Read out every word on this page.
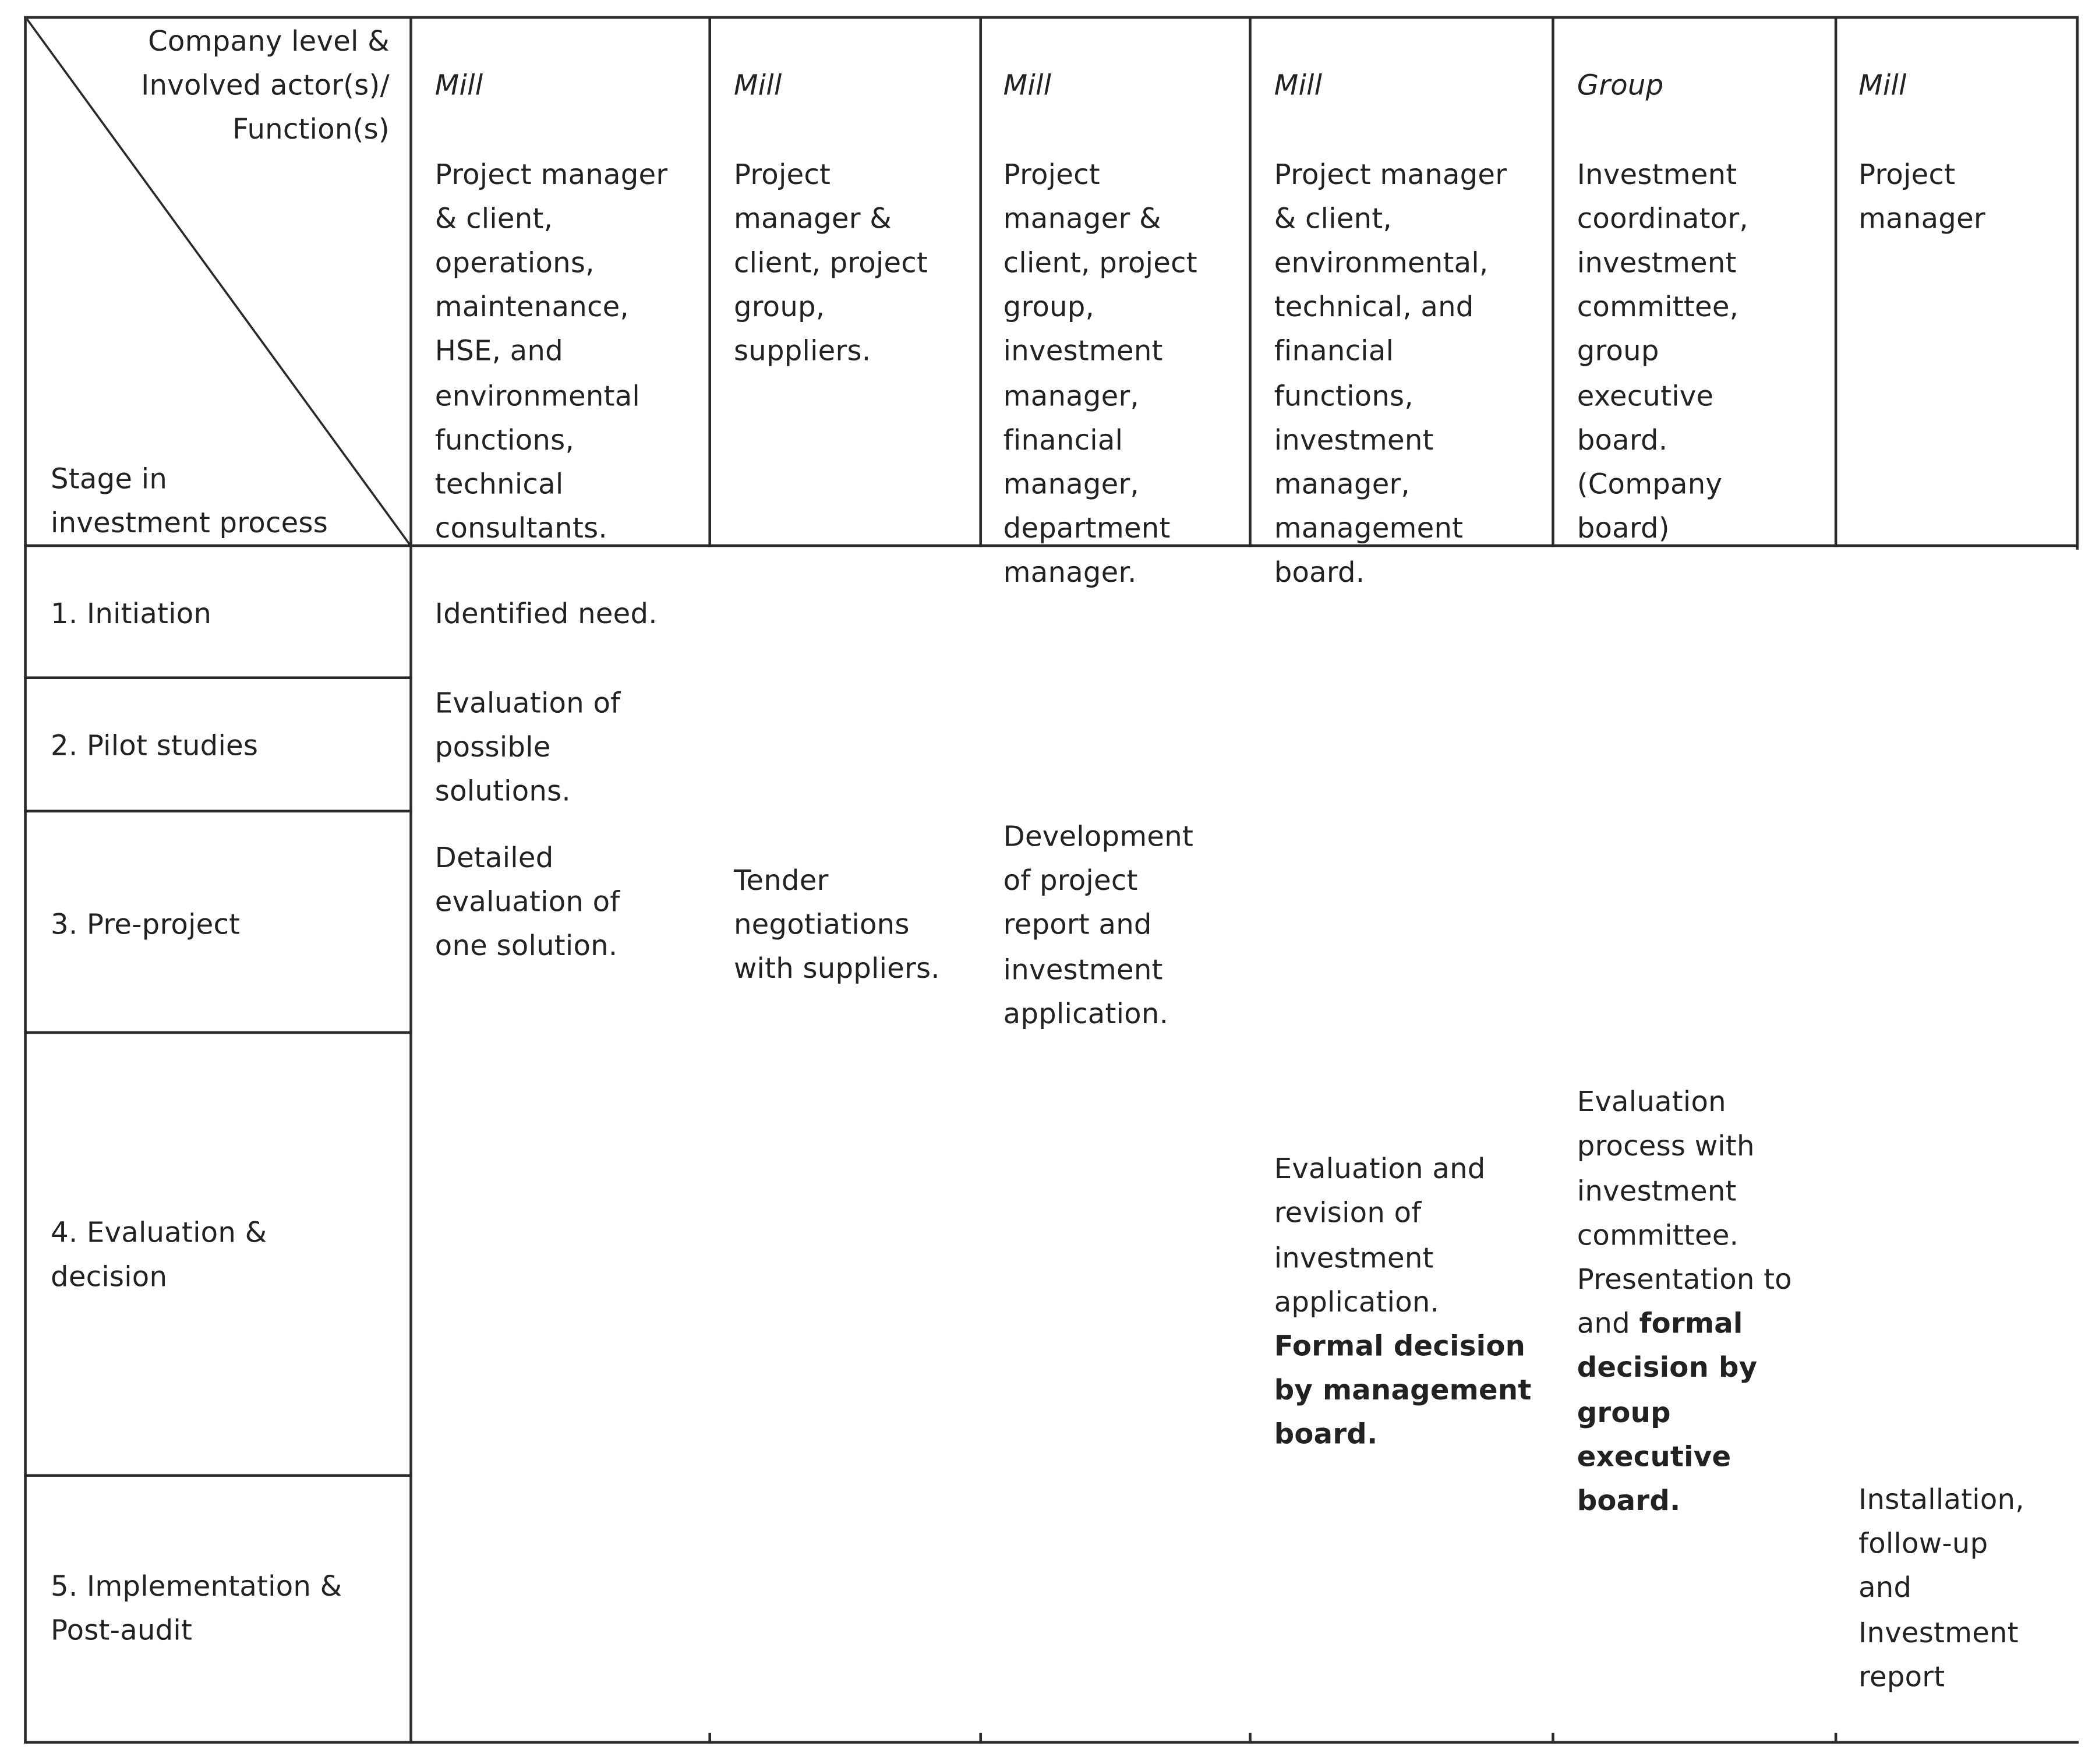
Company level &
Involved actor(s)/
Function(s)
Stage in
investment process

Mill

Project manager
& client,
operations,
maintenance,
HSE, and
environmental
functions,
technical
consultants.

Mill

Project
manager &
client, project
group,
suppliers.

Mill

Project
manager &
client, project
group,
investment
manager,
financial
manager,
department
manager.

Mill

Project manager
& client,
environmental,
technical, and
financial
functions,
investment
manager,
management
board.

Group

Investment
coordinator,
investment
committee,
group
executive
board.
(Company
board)

Mill

Project
manager

1. Initiation
2. Pilot studies
3. Pre-project
4. Evaluation &
decision
5. Implementation &
Post-audit
Identified need.
Evaluation of
possible
solutions.
Detailed
evaluation of
one solution.
Tender
negotiations
with suppliers.
Development
of project
report and
investment
application.

Evaluation and
revision of
investment
application.
Formal decision
by management
board.

Evaluation
process with
investment
committee.
Presentation to
and formal
decision by
group
executive
board.	Installation,
follow-up
and
Investment
report
